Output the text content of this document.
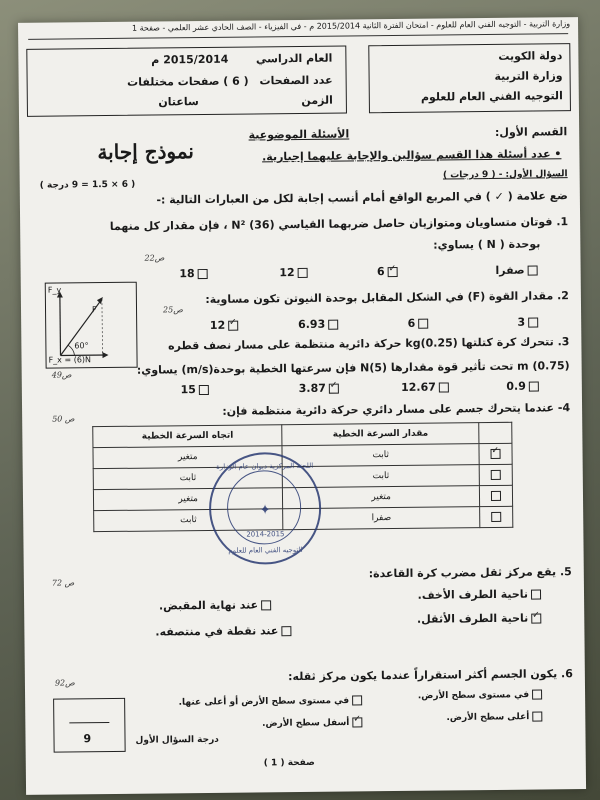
وزارة التربية - التوجيه الفني العام للعلوم - امتحان الفترة الثانية 2015/2014 م - في الفيزياء - الصف الحادي عشر العلمي - صفحة 1
دولة الكويت
وزارة التربية
التوجيه الفني العام للعلوم
العام الدراسي
2015/2014 م
عدد الصفحات
( 6 ) صفحات مختلفات
الزمن
ساعتان
نموذج إجابة
القسم الأول:
الأسئلة الموضوعية
• عدد أسئلة هذا القسم سؤالين والإجابة عليهما إجبارية.
السؤال الأول: - ( 9 درجات )
( 6 × 1.5 = 9 درجة )
ضع علامة ( ✓ ) في المربع الواقع أمام أنسب إجابة لكل من العبارات التالية :-
1. فوتان متساويان ومتوازيان حاصل ضربهما القياسي N² (36) ، فإن مقدار كل منهما
بوحدة ( N ) يساوي:
ص22
صفرا
✓6
12
18
F_y
F
60°
F_x = (6)N
2. مقدار القوة (F) في الشكل المقابل بوحدة النيوتن تكون مساوية:
ص25
3
6
6.93
✓12
3. تتحرك كرة كتلتها kg(0.25) حركة دائرية منتظمة على مسار نصف قطره
m (0.75) تحت تأثير قوة مقدارها N(5) فإن سرعتها الخطية بوحدة(m/s) يساوي:
ص49
0.9
12.67
✓3.87
15
4- عندما يتحرك جسم على مسار دائري حركة دائرية منتظمة فإن:
ص 50
	مقدار السرعة الخطية	اتجاه السرعة الخطية
✓	ثابت	متغير
	ثابت	ثابت
	متغير	متغير
	صفرا	ثابت
اللجنة المركزية ديوان عام الوزارة
✦
2014-2015
التوجيه الفني العام للعلوم
5. يقع مركز ثقل مضرب كرة القاعدة:
ص 72
ناحية الطرف الأخف.
عند نهاية المقبض.
✓ناحية الطرف الأثقل.
عند نقطة في منتصفه.
6. يكون الجسم أكثر استقراراً عندما يكون مركز ثقله:
ص92
في مستوى سطح الأرض.
في مستوى سطح الأرض أو أعلى عنها.
أعلى سطح الأرض.
✓أسفل سطح الأرض.
9	درجة السؤال الأول
صفحة ( 1 )
